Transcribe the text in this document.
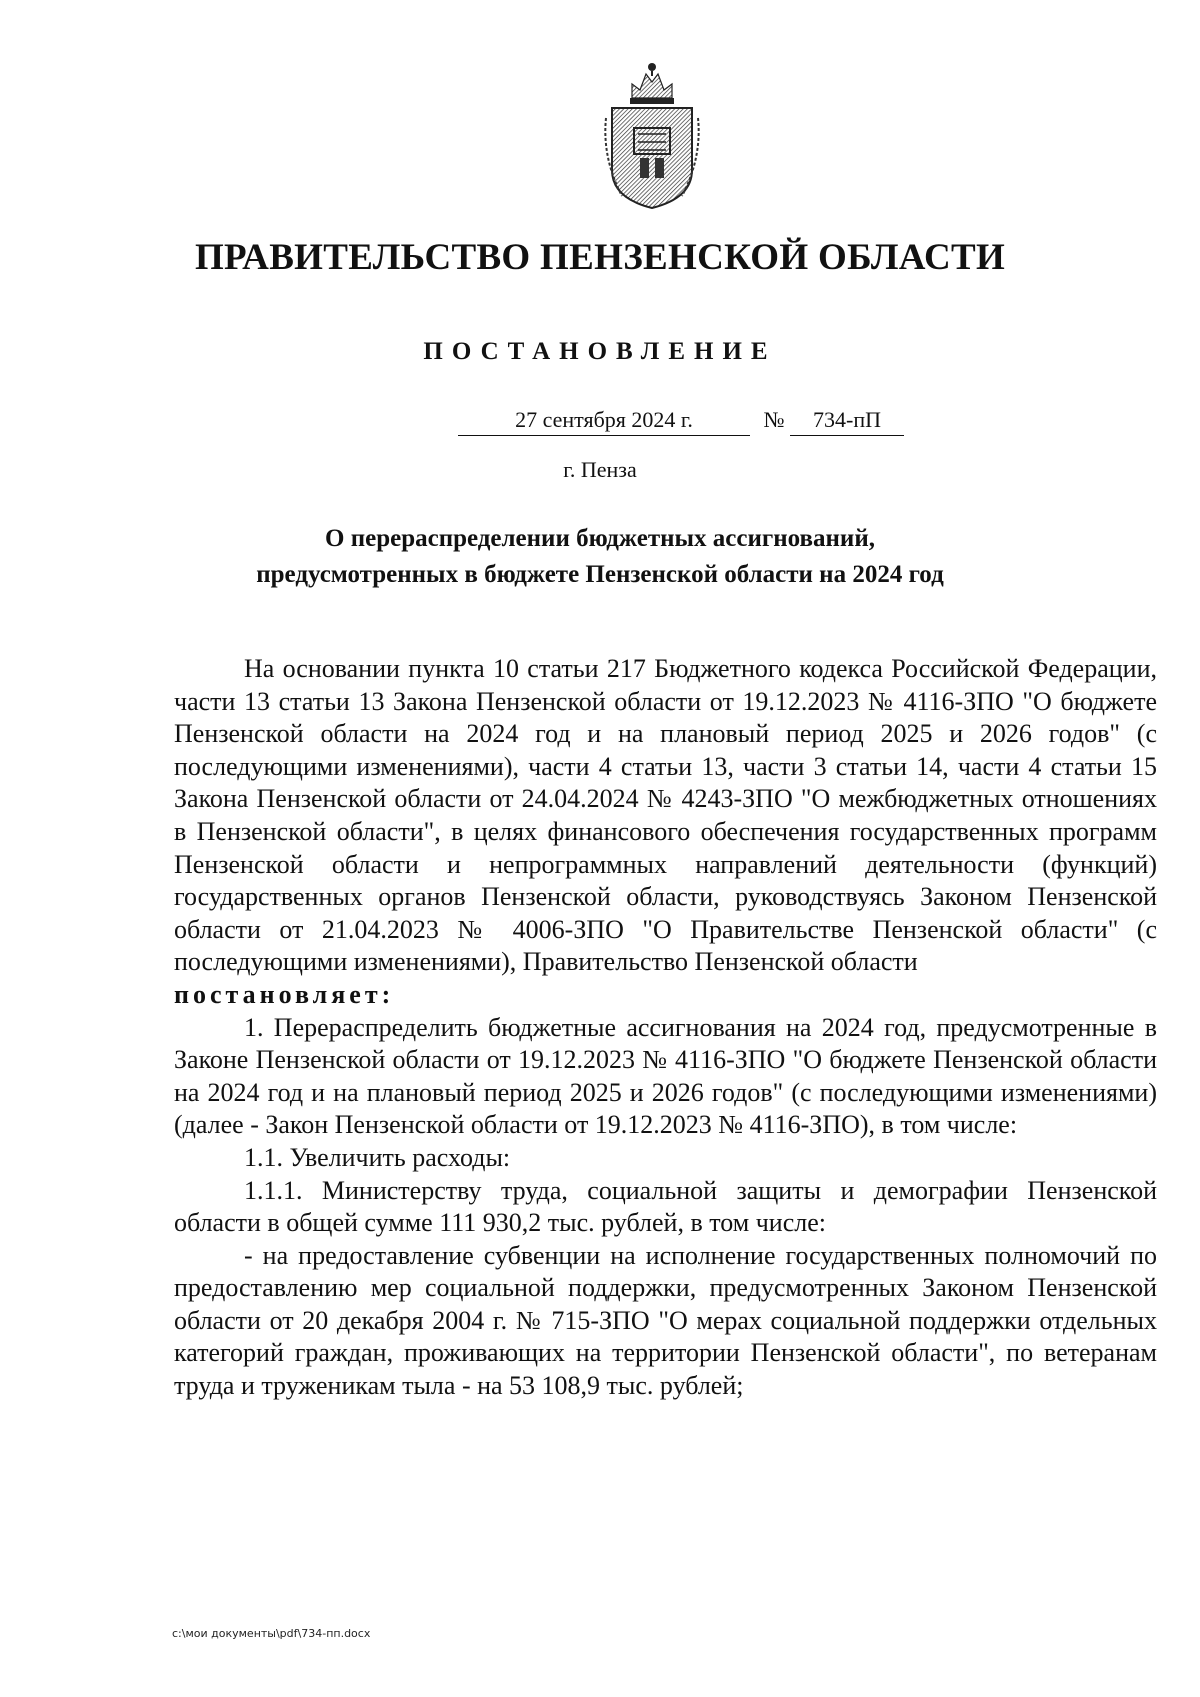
ПРАВИТЕЛЬСТВО ПЕНЗЕНСКОЙ ОБЛАСТИ
ПОСТАНОВЛЕНИЕ
27 сентября 2024 г.	№	734-пП
г. Пенза
О перераспределении бюджетных ассигнований,
предусмотренных в бюджете Пензенской области на 2024 год

На основании пункта 10 статьи 217 Бюджетного кодекса Российской Федерации, части 13 статьи 13 Закона Пензенской области от 19.12.2023 № 4116-ЗПО "О бюджете Пензенской области на 2024 год и на плановый период 2025 и 2026 годов" (с последующими изменениями), части 4 статьи 13, части 3 статьи 14, части 4 статьи 15 Закона Пензенской области от 24.04.2024 № 4243-ЗПО "О межбюджетных отношениях в Пензенской области", в целях финансового обеспечения государственных программ Пензенской области и непрограммных направлений деятельности (функций) государственных органов Пензенской области, руководствуясь Законом Пензенской области от 21.04.2023 № 4006-ЗПО "О Правительстве Пензенской области" (с последующими изменениями), Правительство Пензенской области

постановляет:

1. Перераспределить бюджетные ассигнования на 2024 год, предусмотренные в Законе Пензенской области от 19.12.2023 № 4116-ЗПО "О бюджете Пензенской области на 2024 год и на плановый период 2025 и 2026 годов" (с последующими изменениями) (далее - Закон Пензенской области от 19.12.2023 № 4116-ЗПО), в том числе:

1.1. Увеличить расходы:

1.1.1. Министерству труда, социальной защиты и демографии Пензенской области в общей сумме 111 930,2 тыс. рублей, в том числе:

- на предоставление субвенции на исполнение государственных полномочий по предоставлению мер социальной поддержки, предусмотренных Законом Пензенской области от 20 декабря 2004 г. № 715-ЗПО "О мерах социальной поддержки отдельных категорий граждан, проживающих на территории Пензенской области", по ветеранам труда и труженикам тыла - на 53 108,9 тыс. рублей;

c:\мои документы\pdf\734-пп.docx
